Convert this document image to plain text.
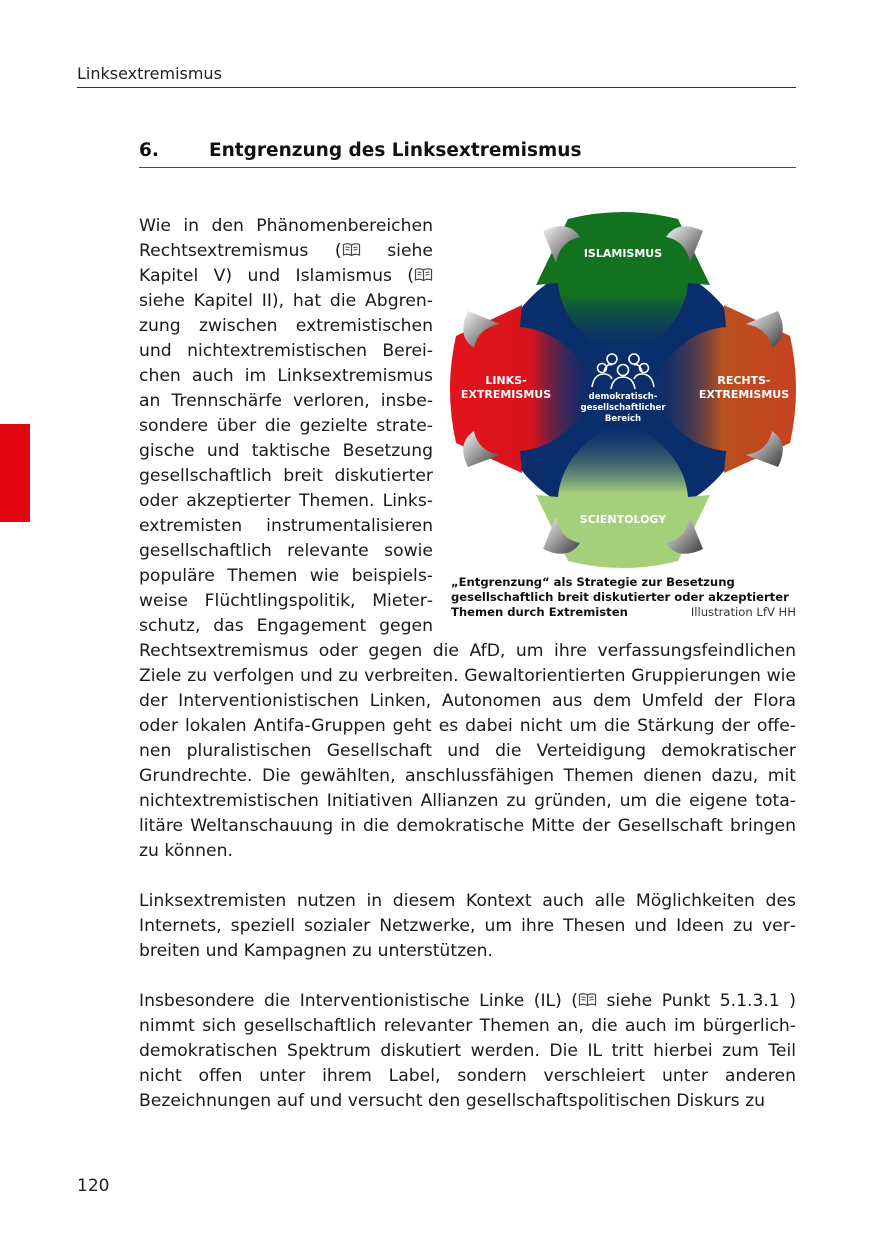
Linksextremismus
6.	Entgrenzung des Linksextremismus

Wie in den Phänomenbereichen Rechtsextremismus (
siehe Kapitel V) und Islamismus (
siehe Kapitel II), hat die Abgrenzung zwischen extremistischen und nichtextremistischen Bereichen auch im Linksextremismus an Trennschärfe verloren, insbesondere über die gezielte strategische und taktische Besetzung gesellschaftlich breit diskutierter oder akzeptierter Themen. Linksextremisten instrumentalisieren gesellschaftlich relevante sowie populäre Themen wie beispielsweise Flüchtlingspolitik, Mieterschutz, das Engagement gegen Rechtsextremismus oder gegen die AfD, um ihre verfassungsfeindlichen Ziele zu verfolgen und zu verbreiten. Gewaltorientierten Gruppierungen wie der Interventionistischen Linken, Autonomen aus dem Umfeld der Flora oder lokalen Antifa-Gruppen geht es dabei nicht um die Stärkung der offenen pluralistischen Gesellschaft und die Verteidigung demokratischer Grundrechte. Die gewählten, anschlussfähigen Themen dienen dazu, mit nichtextremistischen Initiativen Allianzen zu gründen, um die eigene totalitäre Weltanschauung in die demokratische Mitte der Gesellschaft bringen zu können.

Linksextremisten nutzen in diesem Kontext auch alle Möglichkeiten des Internets, speziell sozialer Netzwerke, um ihre Thesen und Ideen zu verbreiten und Kampagnen zu unterstützen.

Insbesondere die Interventionistische Linke (IL) (
siehe Punkt 5.1.3.1 ) nimmt sich gesellschaftlich relevanter Themen an, die auch im bürgerlich-demokratischen Spektrum diskutiert werden. Die IL tritt hierbei zum Teil nicht offen unter ihrem Label, sondern verschleiert unter anderen Bezeichnungen auf und versucht den gesellschaftspolitischen Diskurs zu

ISLAMISMUS
LINKS-
EXTREMISMUS
RECHTS-
EXTREMISMUS
SCIENTOLOGY
demokratisch-
gesellschaftlicher
Bereich
„Entgrenzung“ als Strategie zur Besetzung gesellschaftlich breit diskutierter oder akzeptierter Themen durch Extremisten	Illustration LfV HH
120
